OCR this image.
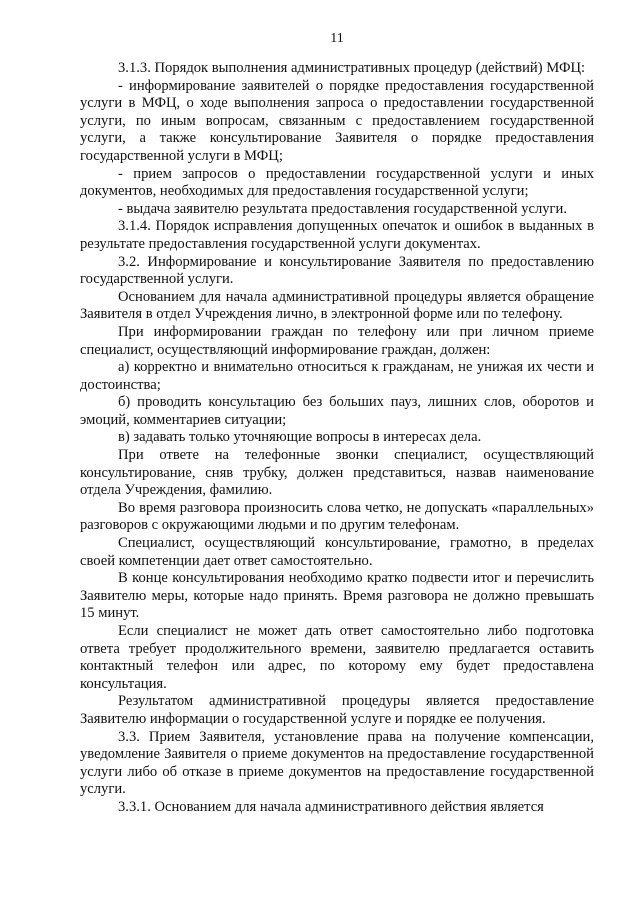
11

3.1.3. Порядок выполнения административных процедур (действий) МФЦ:

- информирование заявителей о порядке предоставления государственной услуги в МФЦ, о ходе выполнения запроса о предоставлении государственной услуги, по иным вопросам, связанным с предоставлением государственной услуги, а также консультирование Заявителя о порядке предоставления государственной услуги в МФЦ;

- прием запросов о предоставлении государственной услуги и иных документов, необходимых для предоставления государственной услуги;

- выдача заявителю результата предоставления государственной услуги.

3.1.4. Порядок исправления допущенных опечаток и ошибок в выданных в результате предоставления государственной услуги документах.

3.2. Информирование и консультирование Заявителя по предоставлению государственной услуги.

Основанием для начала административной процедуры является обращение Заявителя в отдел Учреждения лично, в электронной форме или по телефону.

При информировании граждан по телефону или при личном приеме специалист, осуществляющий информирование граждан, должен:

а) корректно и внимательно относиться к гражданам, не унижая их чести и достоинства;

б) проводить консультацию без больших пауз, лишних слов, оборотов и эмоций, комментариев ситуации;

в) задавать только уточняющие вопросы в интересах дела.

При ответе на телефонные звонки специалист, осуществляющий консультирование, сняв трубку, должен представиться, назвав наименование отдела Учреждения, фамилию.

Во время разговора произносить слова четко, не допускать «параллельных» разговоров с окружающими людьми и по другим телефонам.

Специалист, осуществляющий консультирование, грамотно, в пределах своей компетенции дает ответ самостоятельно.

В конце консультирования необходимо кратко подвести итог и перечислить Заявителю меры, которые надо принять. Время разговора не должно превышать 15 минут.

Если специалист не может дать ответ самостоятельно либо подготовка ответа требует продолжительного времени, заявителю предлагается оставить контактный телефон или адрес, по которому ему будет предоставлена консультация.

Результатом административной процедуры является предоставление Заявителю информации о государственной услуге и порядке ее получения.

3.3. Прием Заявителя, установление права на получение компенсации, уведомление Заявителя о приеме документов на предоставление государственной услуги либо об отказе в приеме документов на предоставление государственной услуги.

3.3.1. Основанием для начала административного действия является
